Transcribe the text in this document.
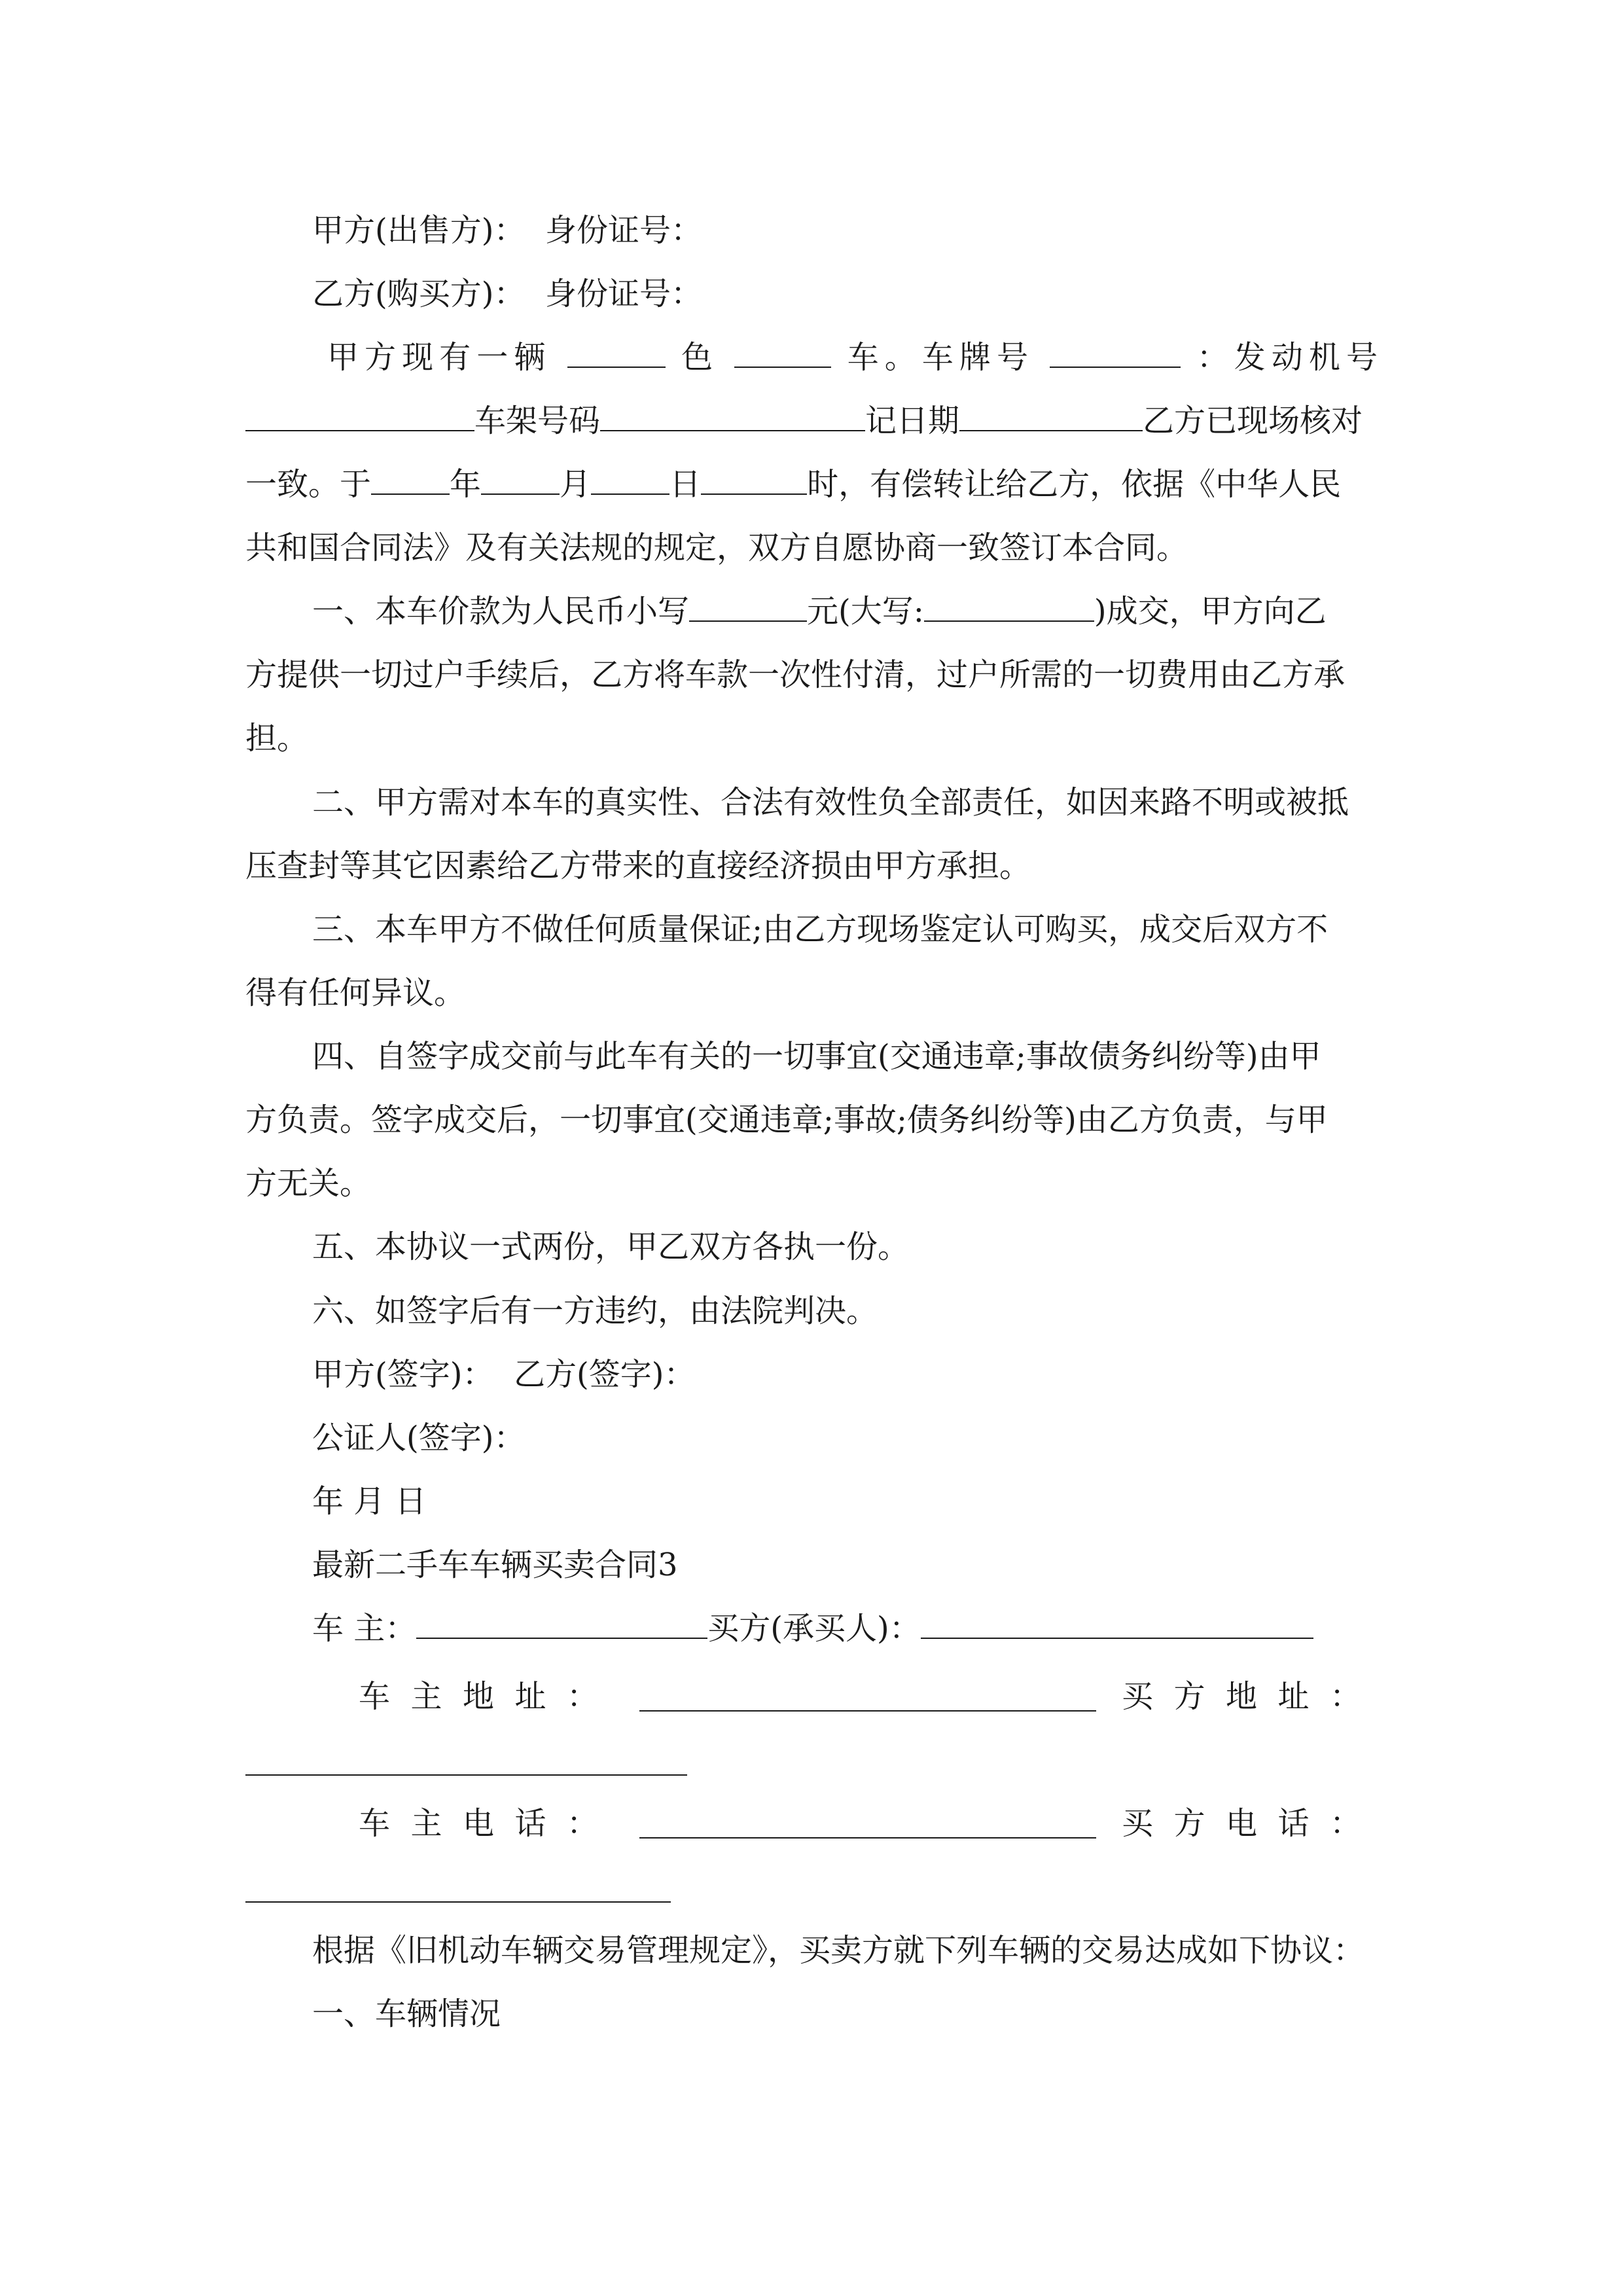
甲方(出售方)：  身份证号：
乙方(购买方)：  身份证号：
甲方现有一辆	色	车。车牌号	：发动机号
车架号码	记日期	乙方已现场核对
一致。于	年	月	日	时，有偿转让给乙方，依据《中华人民
共和国合同法》及有关法规的规定，双方自愿协商一致签订本合同。
一、本车价款为人民币小写	元(大写:	)成交，甲方向乙
方提供一切过户手续后，乙方将车款一次性付清，过户所需的一切费用由乙方承
担。
二、甲方需对本车的真实性、合法有效性负全部责任，如因来路不明或被抵
压查封等其它因素给乙方带来的直接经济损由甲方承担。
三、本车甲方不做任何质量保证;由乙方现场鉴定认可购买，成交后双方不
得有任何异议。
四、自签字成交前与此车有关的一切事宜(交通违章;事故债务纠纷等)由甲
方负责。签字成交后，一切事宜(交通违章;事故;债务纠纷等)由乙方负责，与甲
方无关。
五、本协议一式两份，甲乙双方各执一份。
六、如签字后有一方违约，由法院判决。
甲方(签字)：  乙方(签字)：
公证人(签字)：
年 月 日
最新二手车车辆买卖合同3
车 主：	买方(承买人)：
车主地址：	买方地址：
车主电话：	买方电话：
根据《旧机动车辆交易管理规定》，买卖方就下列车辆的交易达成如下协议：
一、车辆情况
